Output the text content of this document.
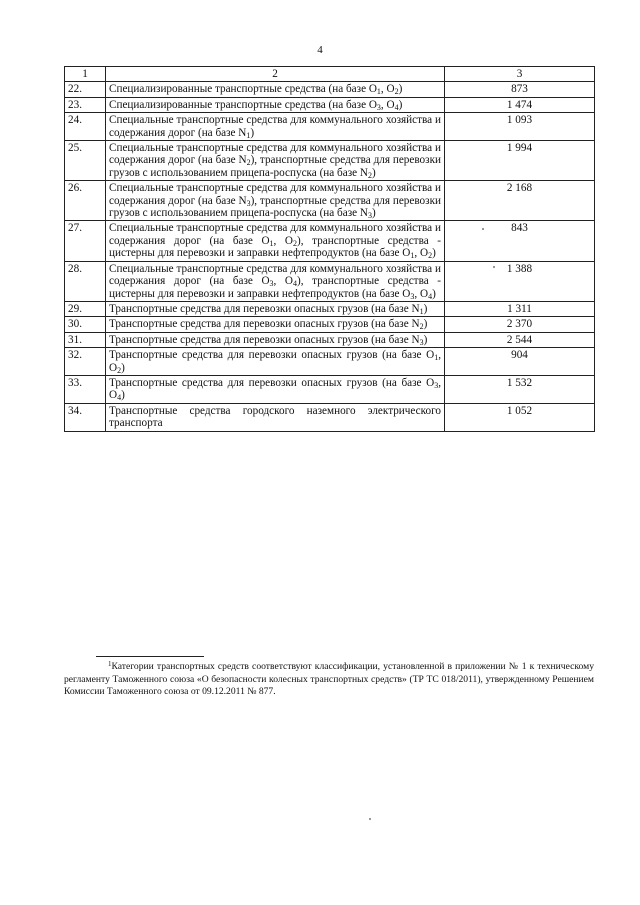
4
1	2	3
22.	Специализированные транспортные средства (на базе $O_1$, $O_2$)	873
23.	Специализированные транспортные средства (на базе $O_3$, $O_4$)	1 474
24.	Специальные транспортные средства для коммунального хозяйства и содержания дорог (на базе $N_1$)	1 093
25.	Специальные транспортные средства для коммунального хозяйства и содержания дорог (на базе $N_2$), транспортные средства для перевозки грузов с использованием прицепа-роспуска (на базе $N_2$)	1 994
26.	Специальные транспортные средства для коммунального хозяйства и содержания дорог (на базе $N_3$), транспортные средства для перевозки грузов с использованием прицепа-роспуска (на базе $N_3$)	2 168
27.	Специальные транспортные средства для коммунального хозяйства и содержания дорог (на базе $O_1$, $O_2$), транспортные средства - цистерны для перевозки и заправки нефтепродуктов (на базе $O_1$, $O_2$)	843
28.	Специальные транспортные средства для коммунального хозяйства и содержания дорог (на базе $O_3$, $O_4$), транспортные средства - цистерны для перевозки и заправки нефтепродуктов (на базе $O_3$, $O_4$)	1 388
29.	Транспортные средства для перевозки опасных грузов (на базе $N_1$)	1 311
30.	Транспортные средства для перевозки опасных грузов (на базе $N_2$)	2 370
31.	Транспортные средства для перевозки опасных грузов (на базе $N_3$)	2 544
32.	Транспортные средства для перевозки опасных грузов (на базе $O_1$, $O_2$)	904
33.	Транспортные средства для перевозки опасных грузов (на базе $O_3$, $O_4$)	1 532
34.	Транспортные средства городского наземного электрического транспорта	1 052
$^1$Категории транспортных средств соответствуют классификации, установленной в приложении № 1 к техническому регламенту Таможенного союза «О безопасности колесных транспортных средств» (ТР ТС 018/2011), утвержденному Решением Комиссии Таможенного союза от 09.12.2011 № 877.
